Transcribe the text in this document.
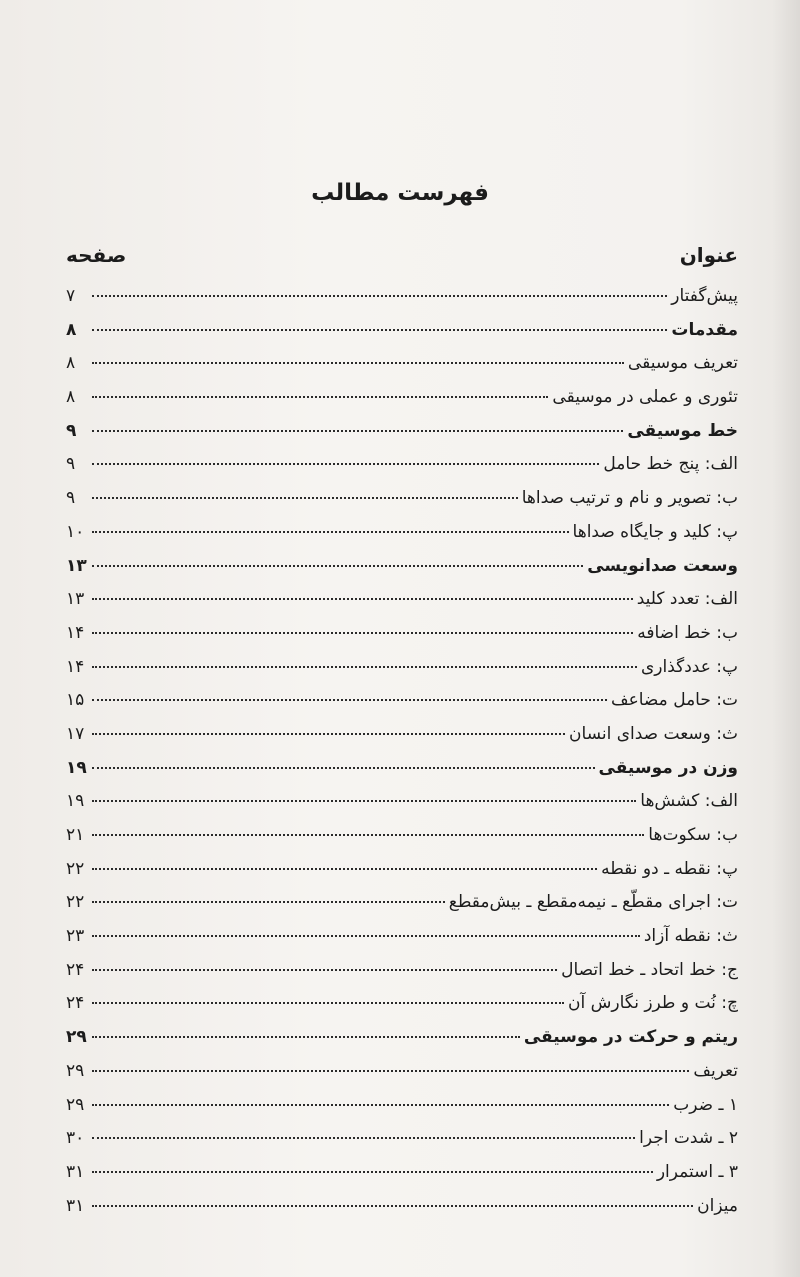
فهرست مطالب
عنوان
صفحه
پیش‌گفتار
۷
مقدمات
۸
تعریف موسیقی
۸
تئوری و عملی در موسیقی
۸
خط موسیقی
۹
الف: پنج خط حامل
۹
ب: تصویر و نام و ترتیب صداها
۹
پ: کلید و جایگاه صداها
۱۰
وسعت صدانویسی
۱۳
الف: تعدد کلید
۱۳
ب: خط اضافه
۱۴
پ: عددگذاری
۱۴
ت: حامل مضاعف
۱۵
ث: وسعت صدای انسان
۱۷
وزن در موسیقی
۱۹
الف: کشش‌ها
۱۹
ب: سکوت‌ها
۲۱
پ: نقطه ـ دو نقطه
۲۲
ت: اجرای مقطّع ـ نیمه‌مقطع ـ بیش‌مقطع
۲۲
ث: نقطه آزاد
۲۳
ج: خط اتحاد ـ خط اتصال
۲۴
چ: نُت و طرز نگارش آن
۲۴
ریتم و حرکت در موسیقی
۲۹
تعریف
۲۹
۱ ـ ضرب
۲۹
۲ ـ شدت اجرا
۳۰
۳ ـ استمرار
۳۱
میزان
۳۱
